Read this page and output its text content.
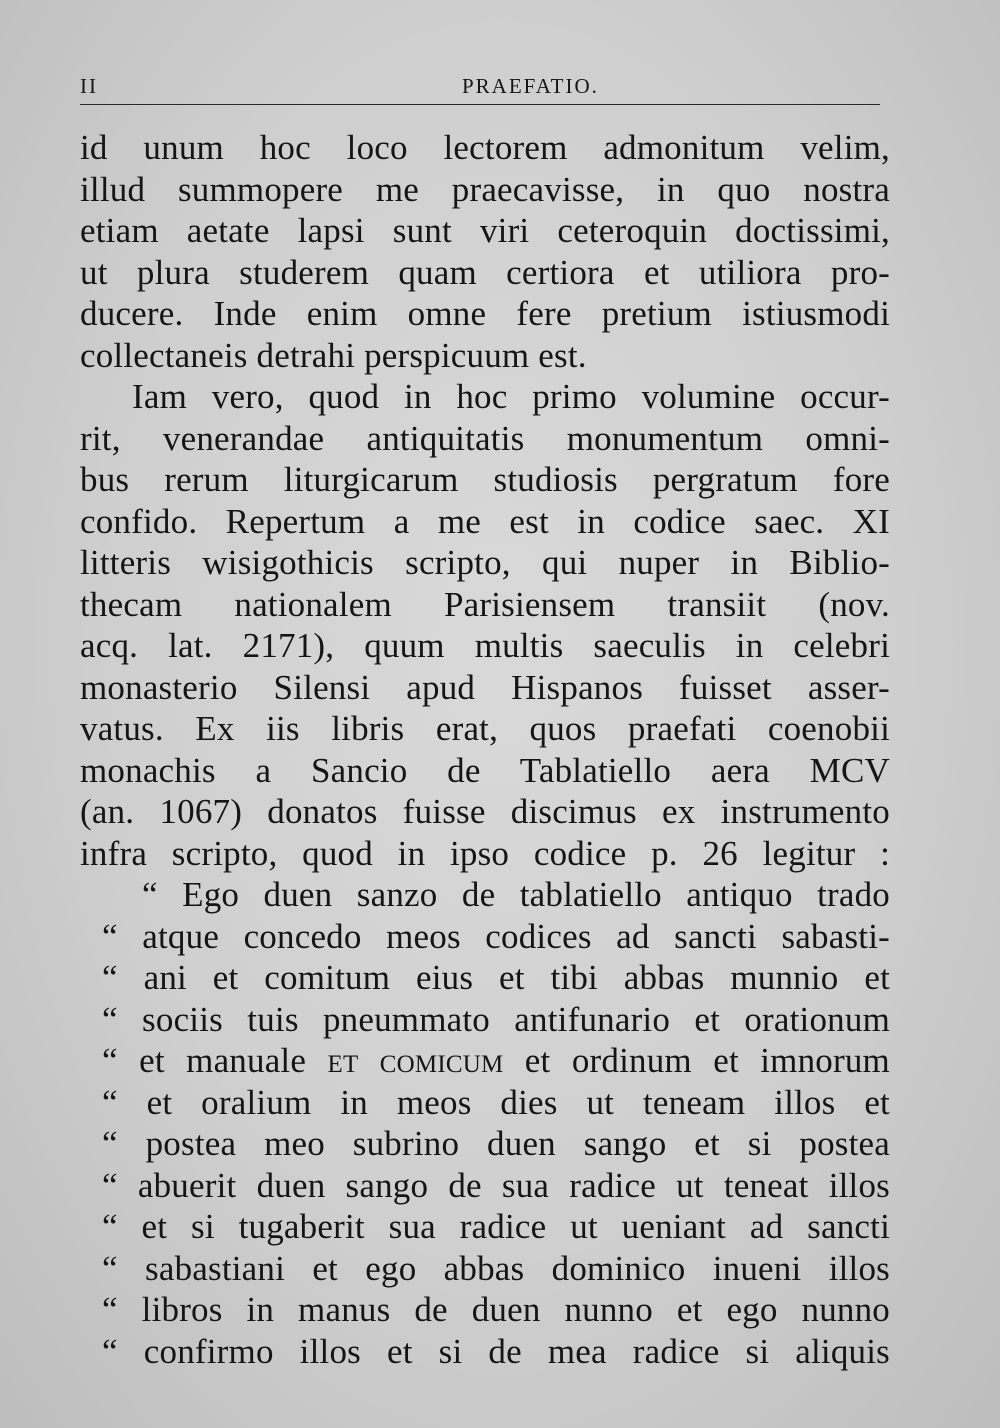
II	PRAEFATIO.
id unum hoc loco lectorem admonitum velim,
illud summopere me praecavisse, in quo nostra
etiam aetate lapsi sunt viri ceteroquin doctissimi,
ut plura studerem quam certiora et utiliora pro-
ducere. Inde enim omne fere pretium istiusmodi
collectaneis detrahi perspicuum est.
Iam vero, quod in hoc primo volumine occur-
rit, venerandae antiquitatis monumentum omni-
bus rerum liturgicarum studiosis pergratum fore
confido. Repertum a me est in codice saec. XI
litteris wisigothicis scripto, qui nuper in Biblio-
thecam nationalem Parisiensem transiit (nov.
acq. lat. 2171), quum multis saeculis in celebri
monasterio Silensi apud Hispanos fuisset asser-
vatus. Ex iis libris erat, quos praefati coenobii
monachis a Sancio de Tablatiello aera MCV
(an. 1067) donatos fuisse discimus ex instrumento
infra scripto, quod in ipso codice p. 26 legitur :
“ Ego duen sanzo de tablatiello antiquo trado
“ atque concedo meos codices ad sancti sabasti-
“ ani et comitum eius et tibi abbas munnio et
“ sociis tuis pneummato antifunario et orationum
“ et manuale et comicum et ordinum et imnorum
“ et oralium in meos dies ut teneam illos et
“ postea meo subrino duen sango et si postea
“ abuerit duen sango de sua radice ut teneat illos
“ et si tugaberit sua radice ut ueniant ad sancti
“ sabastiani et ego abbas dominico inueni illos
“ libros in manus de duen nunno et ego nunno
“ confirmo illos et si de mea radice si aliquis
